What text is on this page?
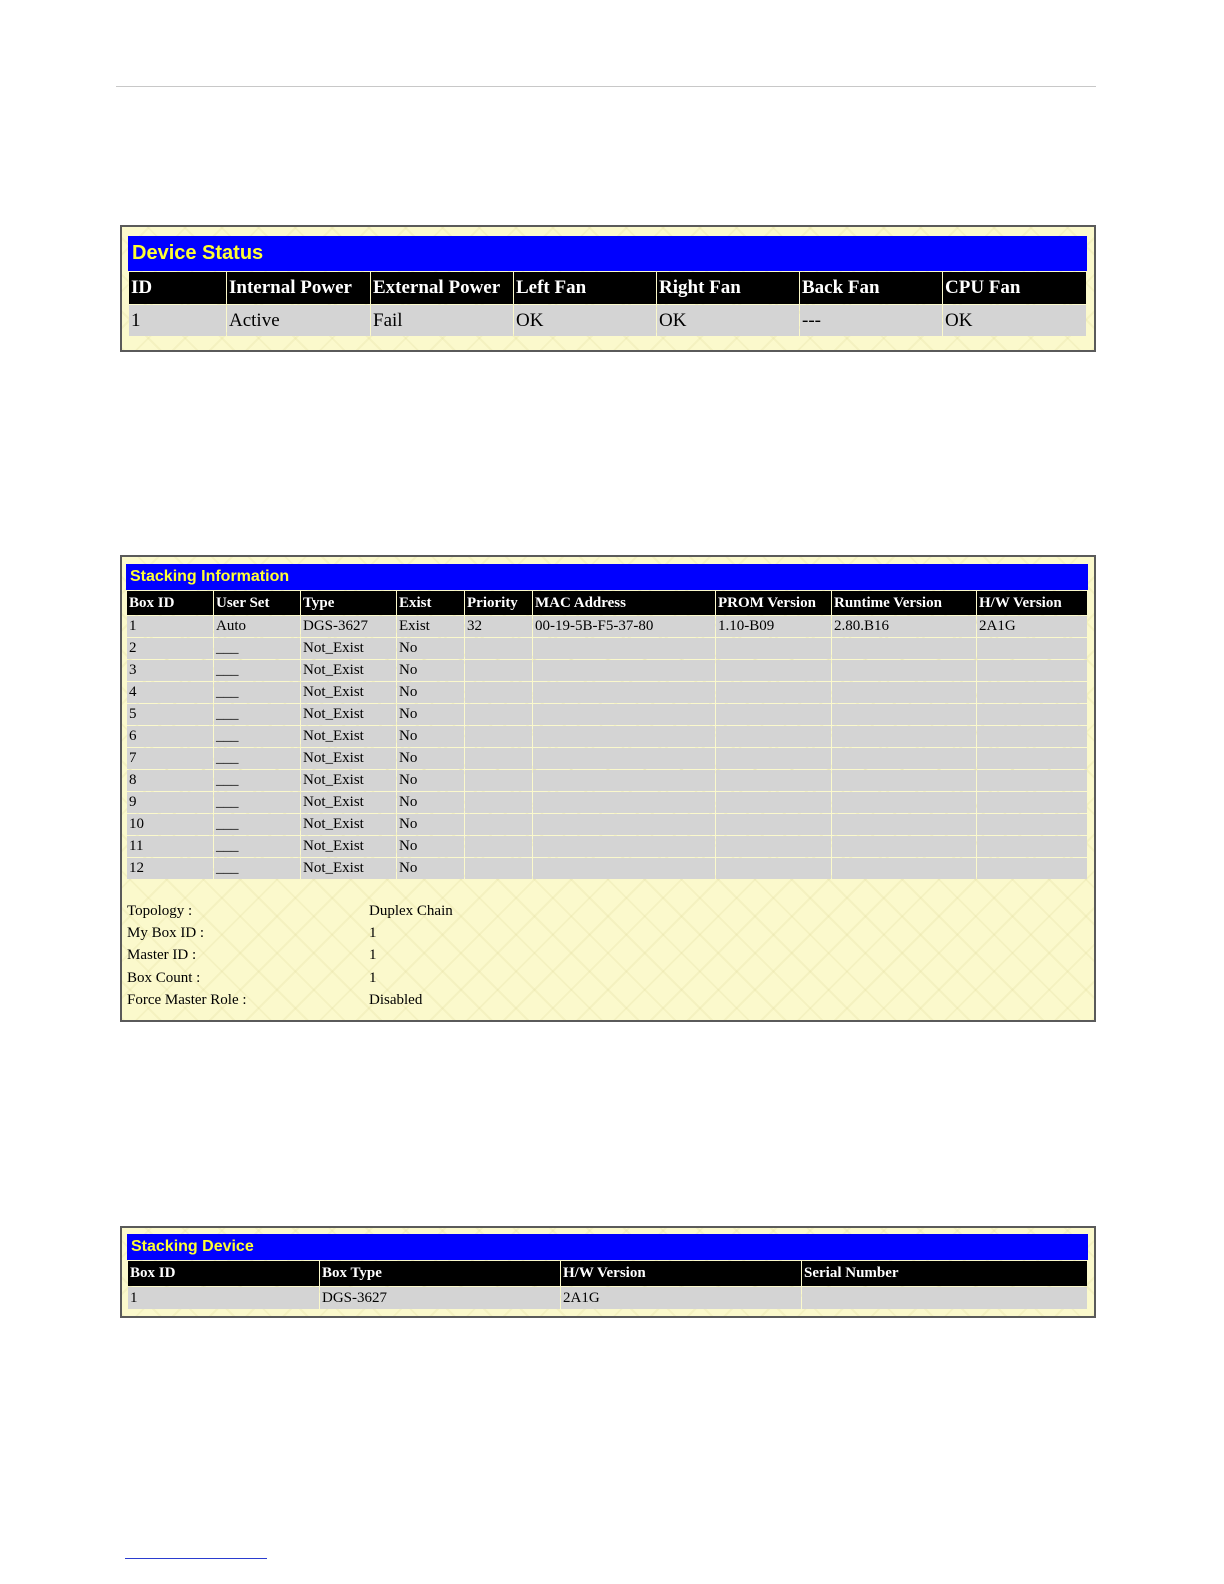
Device Status
ID	Internal Power	External Power	Left Fan	Right Fan	Back Fan	CPU Fan
1	Active	Fail	OK	OK	---	OK
Stacking Information
Box ID	User Set	Type	Exist	Priority	MAC Address	PROM Version	Runtime Version	H/W Version
1	Auto	DGS-3627	Exist	32	00-19-5B-F5-37-80	1.10-B09	2.80.B16	2A1G
2	___	Not_Exist	No					
3	___	Not_Exist	No					
4	___	Not_Exist	No					
5	___	Not_Exist	No					
6	___	Not_Exist	No					
7	___	Not_Exist	No					
8	___	Not_Exist	No					
9	___	Not_Exist	No					
10	___	Not_Exist	No					
11	___	Not_Exist	No					
12	___	Not_Exist	No					
Topology :	Duplex Chain
My Box ID :	1
Master ID :	1
Box Count :	1
Force Master Role :	Disabled
Stacking Device
Box ID	Box Type	H/W Version	Serial Number
1	DGS-3627	2A1G	
